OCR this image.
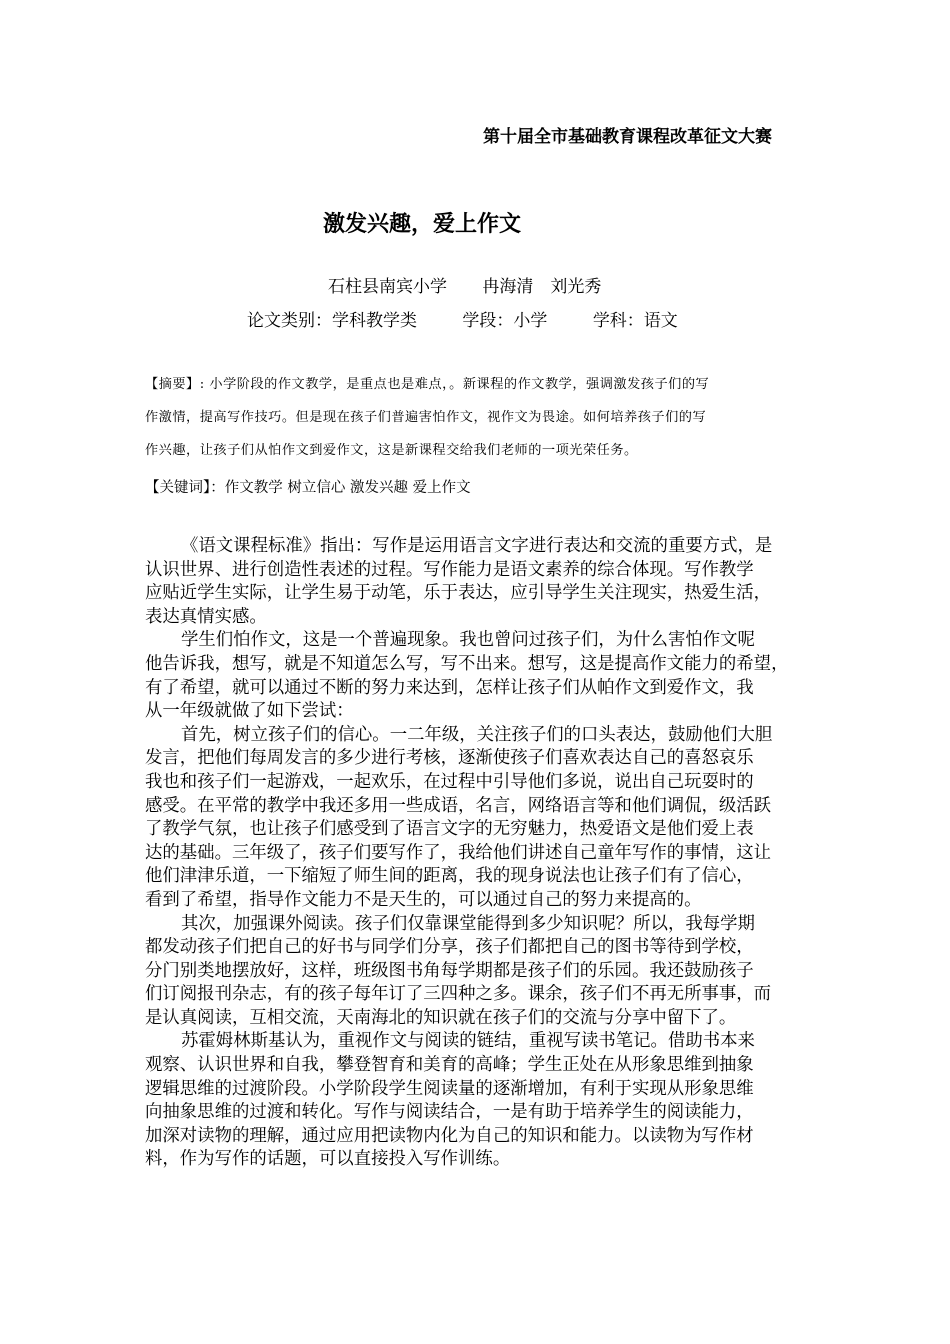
第十届全市基础教育课程改革征文大赛
激发兴趣，爱上作文
石柱县南宾小学 冉海清　刘光秀
论文类别：学科教学类	学段：小学	学科：语文
【摘要】: 小学阶段的作文教学，是重点也是难点，。新课程的作文教学，强调激发孩子们的写
作激情，提高写作技巧。但是现在孩子们普遍害怕作文，视作文为畏途。如何培养孩子们的写
作兴趣，让孩子们从怕作文到爱作文，这是新课程交给我们老师的一项光荣任务。
【关键词】：作文教学 树立信心 激发兴趣 爱上作文
《语文课程标准》指出：写作是运用语言文字进行表达和交流的重要方式，是
认识世界、进行创造性表述的过程。写作能力是语文素养的综合体现。写作教学
应贴近学生实际，让学生易于动笔，乐于表达，应引导学生关注现实，热爱生活，
表达真情实感。
学生们怕作文，这是一个普遍现象。我也曾问过孩子们，为什么害怕作文呢
他告诉我，想写，就是不知道怎么写，写不出来。想写，这是提高作文能力的希望，
有了希望，就可以通过不断的努力来达到，怎样让孩子们从帕作文到爱作文，我
从一年级就做了如下尝试：
首先，树立孩子们的信心。一二年级，关注孩子们的口头表达，鼓励他们大胆
发言，把他们每周发言的多少进行考核，逐渐使孩子们喜欢表达自己的喜怒哀乐
我也和孩子们一起游戏，一起欢乐，在过程中引导他们多说，说出自己玩耍时的
感受。在平常的教学中我还多用一些成语，名言，网络语言等和他们调侃，级活跃
了教学气氛，也让孩子们感受到了语言文字的无穷魅力，热爱语文是他们爱上表
达的基础。三年级了，孩子们要写作了，我给他们讲述自己童年写作的事情，这让
他们津津乐道，一下缩短了师生间的距离，我的现身说法也让孩子们有了信心，
看到了希望，指导作文能力不是天生的，可以通过自己的努力来提高的。
其次，加强课外阅读。孩子们仅靠课堂能得到多少知识呢？所以，我每学期
都发动孩子们把自己的好书与同学们分享，孩子们都把自己的图书等待到学校，
分门别类地摆放好，这样，班级图书角每学期都是孩子们的乐园。我还鼓励孩子
们订阅报刊杂志，有的孩子每年订了三四种之多。课余，孩子们不再无所事事，而
是认真阅读，互相交流，天南海北的知识就在孩子们的交流与分享中留下了。
苏霍姆林斯基认为，重视作文与阅读的链结，重视写读书笔记。借助书本来
观察、认识世界和自我，攀登智育和美育的高峰；学生正处在从形象思维到抽象
逻辑思维的过渡阶段。小学阶段学生阅读量的逐渐增加，有利于实现从形象思维
向抽象思维的过渡和转化。写作与阅读结合，一是有助于培养学生的阅读能力，
加深对读物的理解，通过应用把读物内化为自己的知识和能力。以读物为写作材
料，作为写作的话题，可以直接投入写作训练。
